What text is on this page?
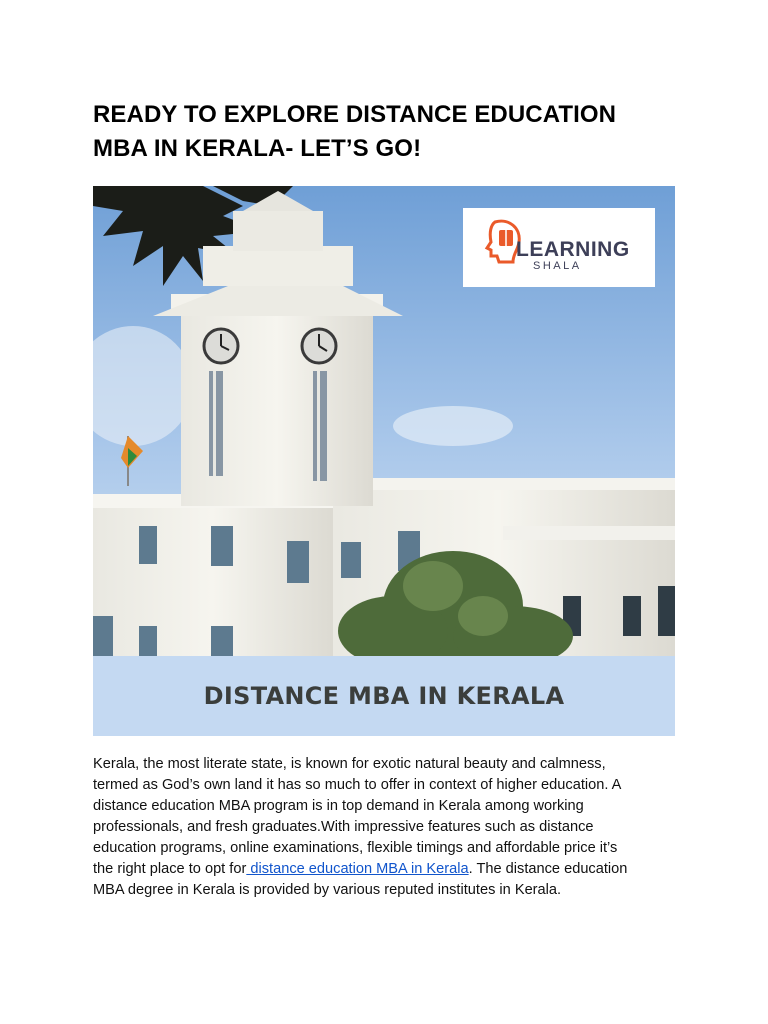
READY TO EXPLORE DISTANCE EDUCATION
MBA IN KERALA- LET’S GO!
LEARNING
SHALA
DISTANCE MBA IN KERALA

Kerala, the most literate state, is known for exotic natural beauty and calmness,
termed as God’s own land it has so much to offer in context of higher education. A
distance education MBA program is in top demand in Kerala among working
professionals, and fresh graduates.With impressive features such as distance
education programs, online examinations, flexible timings and affordable price it’s
the right place to opt for distance education MBA in Kerala. The distance education
MBA degree in Kerala is provided by various reputed institutes in Kerala.
